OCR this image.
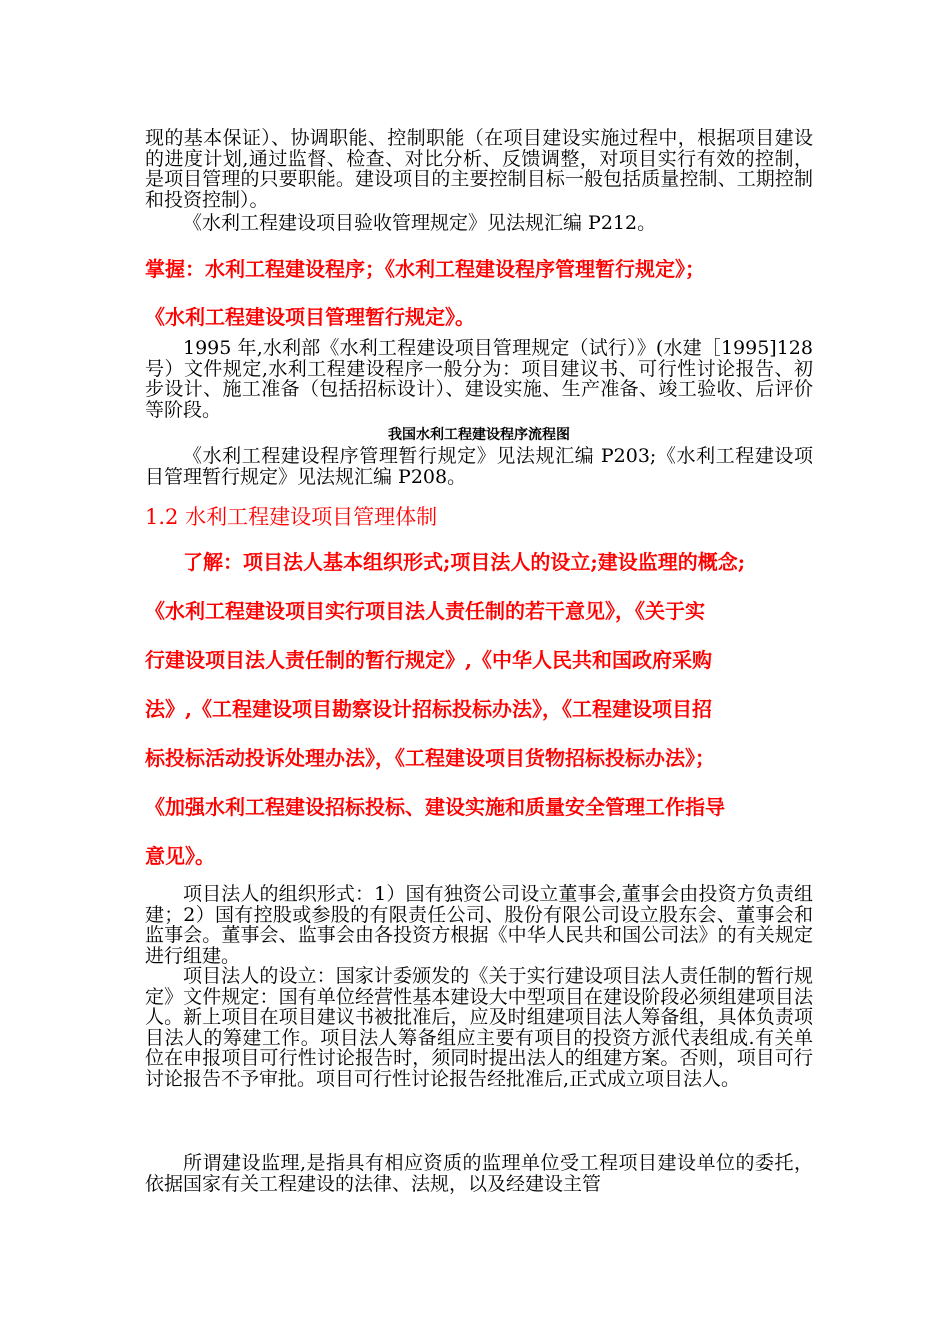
现的基本保证）、协调职能、控制职能（在项目建设实施过程中，根据项目建设的进度计划,通过监督、检查、对比分析、反馈调整，对项目实行有效的控制，是项目管理的只要职能。建设项目的主要控制目标一般包括质量控制、工期控制和投资控制）。

《水利工程建设项目验收管理规定》见法规汇编 P212。

掌握：水利工程建设程序；《水利工程建设程序管理暂行规定》；

《水利工程建设项目管理暂行规定》。

1995 年,水利部《水利工程建设项目管理规定（试行）》(水建［1995]128 号）文件规定,水利工程建设程序一般分为：项目建议书、可行性讨论报告、初步设计、施工准备（包括招标设计）、建设实施、生产准备、竣工验收、后评价等阶段。

我国水利工程建设程序流程图

《水利工程建设程序管理暂行规定》见法规汇编 P203;《水利工程建设项目管理暂行规定》见法规汇编 P208。

1.2 水利工程建设项目管理体制

了解：项目法人基本组织形式;项目法人的设立;建设监理的概念;

《水利工程建设项目实行项目法人责任制的若干意见》，《关于实

行建设项目法人责任制的暂行规定》,《中华人民共和国政府采购

法》,《工程建设项目勘察设计招标投标办法》，《工程建设项目招

标投标活动投诉处理办法》，《工程建设项目货物招标投标办法》；

《加强水利工程建设招标投标、建设实施和质量安全管理工作指导

意见》。

项目法人的组织形式：1）国有独资公司设立董事会,董事会由投资方负责组建；2）国有控股或参股的有限责任公司、股份有限公司设立股东会、董事会和监事会。董事会、监事会由各投资方根据《中华人民共和国公司法》的有关规定进行组建。

项目法人的设立：国家计委颁发的《关于实行建设项目法人责任制的暂行规定》文件规定：国有单位经营性基本建设大中型项目在建设阶段必须组建项目法人。新上项目在项目建议书被批准后，应及时组建项目法人筹备组，具体负责项目法人的筹建工作。项目法人筹备组应主要有项目的投资方派代表组成.有关单位在申报项目可行性讨论报告时，须同时提出法人的组建方案。否则，项目可行讨论报告不予审批。项目可行性讨论报告经批准后,正式成立项目法人。

所谓建设监理,是指具有相应资质的监理单位受工程项目建设单位的委托，依据国家有关工程建设的法律、法规，以及经建设主管
